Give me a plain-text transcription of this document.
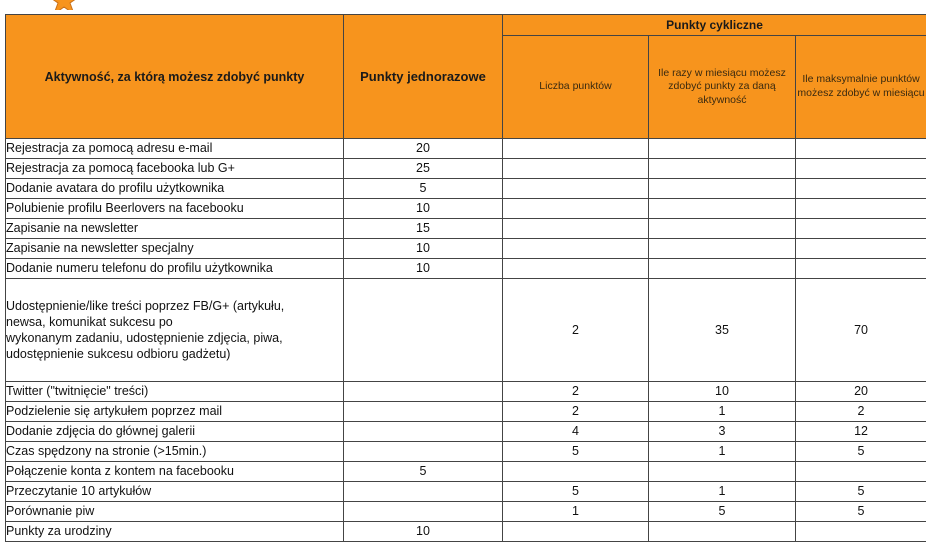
Aktywność, za którą możesz zdobyć punkty	Punkty jednorazowe	Punkty cykliczne		
		Liczba punktów	Ile razy w miesiącu możesz zdobyć punkty za daną aktywność	Ile maksymalnie punktów możesz zdobyć w miesiącu
Rejestracja za pomocą adresu e-mail	20			
Rejestracja za pomocą facebooka lub G+	25			
Dodanie avatara do profilu użytkownika	5			
Polubienie profilu Beerlovers na facebooku	10			
Zapisanie na newsletter	15			
Zapisanie na newsletter specjalny	10			
Dodanie numeru telefonu do profilu użytkownika	10			

Udostępnienie/like treści poprzez FB/G+ (artykułu,
newsa, komunikat sukcesu po
wykonanym zadaniu, udostępnienie zdjęcia, piwa,
udostępnienie sukcesu odbioru gadżetu)		2	35	70
Twitter ("twitnięcie" treści)		2	10	20
Podzielenie się artykułem poprzez mail		2	1	2
Dodanie zdjęcia do głównej galerii		4	3	12
Czas spędzony na stronie (>15min.)		5	1	5
Połączenie konta z kontem na facebooku	5			
Przeczytanie 10 artykułów		5	1	5
Porównanie piw		1	5	5
Punkty za urodziny	10			
